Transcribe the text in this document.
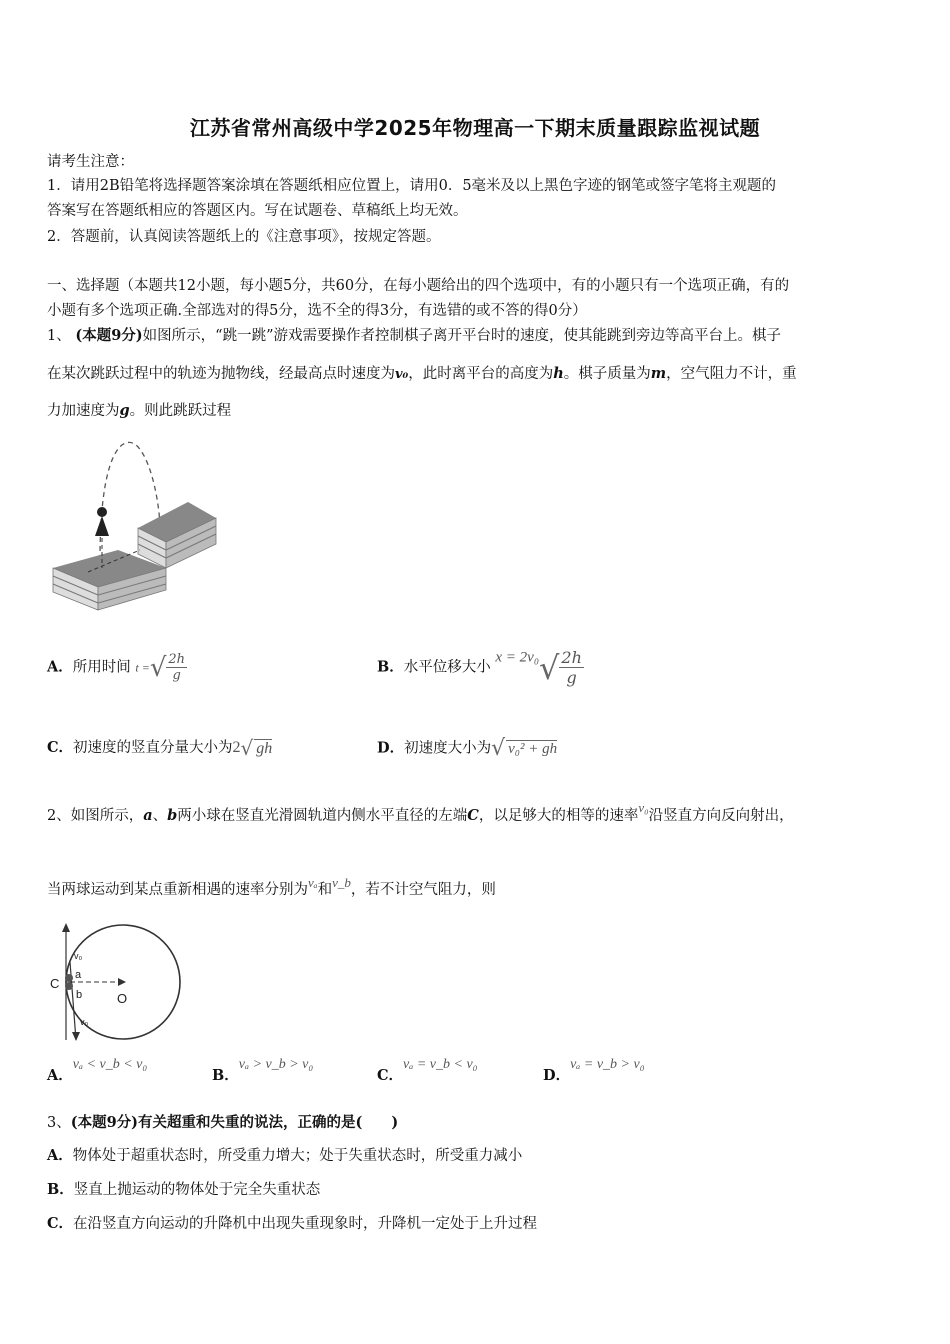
江苏省常州高级中学2025年物理高一下期末质量跟踪监视试题
请考生注意：
1．请用2B铅笔将选择题答案涂填在答题纸相应位置上，请用0．5毫米及以上黑色字迹的钢笔或签字笔将主观题的
答案写在答题纸相应的答题区内。写在试题卷、草稿纸上均无效。
2．答题前，认真阅读答题纸上的《注意事项》，按规定答题。
一、选择题（本题共12小题，每小题5分，共60分，在每小题给出的四个选项中，有的小题只有一个选项正确，有的
小题有多个选项正确.全部选对的得5分，选不全的得3分，有选错的或不答的得0分）
1、 (本题9分)如图所示，“跳一跳”游戏需要操作者控制棋子离开平台时的速度，使其能跳到旁边等高平台上。棋子
在某次跳跃过程中的轨迹为抛物线，经最高点时速度为v₀，此时离平台的高度为h。棋子质量为m，空气阻力不计，重
力加速度为g。则此跳跃过程
A．所用时间 t =√ $\frac{2h}{g}$	B．水平位移大小 $x = 2v_0√ \frac{2h}{g}$
C．初速度的竖直分量大小为2√ gh	D．初速度大小为√ v₀² + gh
2、如图所示，a、b两小球在竖直光滑圆轨道内侧水平直径的左端C，以足够大的相等的速率v₀沿竖直方向反向射出，
当两球运动到某点重新相遇的速率分别为vₐ和v_b，若不计空气阻力，则
C
a
b	O
v₀
v₀
A．vₐ < v_b < v₀
B．vₐ > v_b > v₀
C．vₐ = v_b < v₀
D．vₐ = v_b > v₀
3、(本题9分)有关超重和失重的说法，正确的是(　　)
A．物体处于超重状态时，所受重力增大；处于失重状态时，所受重力减小
B．竖直上抛运动的物体处于完全失重状态
C．在沿竖直方向运动的升降机中出现失重现象时，升降机一定处于上升过程
